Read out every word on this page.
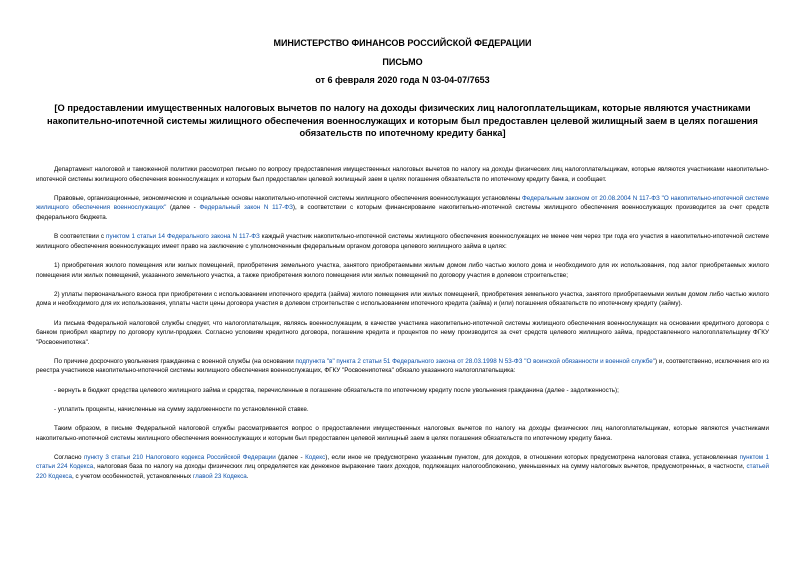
МИНИСТЕРСТВО ФИНАНСОВ РОССИЙСКОЙ ФЕДЕРАЦИИ
ПИСЬМО
от 6 февраля 2020 года N 03-04-07/7653
[О предоставлении имущественных налоговых вычетов по налогу на доходы физических лиц налогоплательщикам, которые являются участниками накопительно-ипотечной системы жилищного обеспечения военнослужащих и которым был предоставлен целевой жилищный заем в целях погашения обязательств по ипотечному кредиту банка]

Департамент налоговой и таможенной политики рассмотрел письмо по вопросу предоставления имущественных налоговых вычетов по налогу на доходы физических лиц налогоплательщикам, которые являются участниками накопительно-ипотечной системы жилищного обеспечения военнослужащих и которым был предоставлен целевой жилищный заем в целях погашения обязательств по ипотечному кредиту банка, и сообщает.

Правовые, организационные, экономические и социальные основы накопительно-ипотечной системы жилищного обеспечения военнослужащих установлены Федеральным законом от 20.08.2004 N 117-ФЗ "О накопительно-ипотечной системе жилищного обеспечения военнослужащих" (далее - Федеральный закон N 117-ФЗ), в соответствии с которым финансирование накопительно-ипотечной системы жилищного обеспечения военнослужащих производится за счет средств федерального бюджета.

В соответствии с пунктом 1 статьи 14 Федерального закона N 117-ФЗ каждый участник накопительно-ипотечной системы жилищного обеспечения военнослужащих не менее чем через три года его участия в накопительно-ипотечной системе жилищного обеспечения военнослужащих имеет право на заключение с уполномоченным федеральным органом договора целевого жилищного займа в целях:

1) приобретения жилого помещения или жилых помещений, приобретения земельного участка, занятого приобретаемыми жилым домом либо частью жилого дома и необходимого для их использования, под залог приобретаемых жилого помещения или жилых помещений, указанного земельного участка, а также приобретения жилого помещения или жилых помещений по договору участия в долевом строительстве;

2) уплаты первоначального взноса при приобретении с использованием ипотечного кредита (займа) жилого помещения или жилых помещений, приобретения земельного участка, занятого приобретаемыми жилым домом либо частью жилого дома и необходимого для их использования, уплаты части цены договора участия в долевом строительстве с использованием ипотечного кредита (займа) и (или) погашения обязательств по ипотечному кредиту (займу).

Из письма Федеральной налоговой службы следует, что налогоплательщик, являясь военнослужащим, в качестве участника накопительно-ипотечной системы жилищного обеспечения военнослужащих на основании кредитного договора с банком приобрел квартиру по договору купли-продажи. Согласно условиям кредитного договора, погашение кредита и процентов по нему производится за счет средств целевого жилищного займа, предоставленного налогоплательщику ФГКУ "Росвоенипотека".

По причине досрочного увольнения гражданина с военной службы (на основании подпункта "в" пункта 2 статьи 51 Федерального закона от 28.03.1998 N 53-ФЗ "О воинской обязанности и военной службе") и, соответственно, исключения его из реестра участников накопительно-ипотечной системы жилищного обеспечения военнослужащих, ФГКУ "Росвоенипотека" обязало указанного налогоплательщика:

- вернуть в бюджет средства целевого жилищного займа и средства, перечисленные в погашение обязательств по ипотечному кредиту после увольнения гражданина (далее - задолженность);

- уплатить проценты, начисленные на сумму задолженности по установленной ставке.

Таким образом, в письме Федеральной налоговой службы рассматривается вопрос о предоставлении имущественных налоговых вычетов по налогу на доходы физических лиц налогоплательщикам, которые являются участниками накопительно-ипотечной системы жилищного обеспечения военнослужащих и которым был предоставлен целевой жилищный заем в целях погашения обязательств по ипотечному кредиту банка.

Согласно пункту 3 статьи 210 Налогового кодекса Российской Федерации (далее - Кодекс), если иное не предусмотрено указанным пунктом, для доходов, в отношении которых предусмотрена налоговая ставка, установленная пунктом 1 статьи 224 Кодекса, налоговая база по налогу на доходы физических лиц определяется как денежное выражение таких доходов, подлежащих налогообложению, уменьшенных на сумму налоговых вычетов, предусмотренных, в частности, статьей 220 Кодекса, с учетом особенностей, установленных главой 23 Кодекса.
